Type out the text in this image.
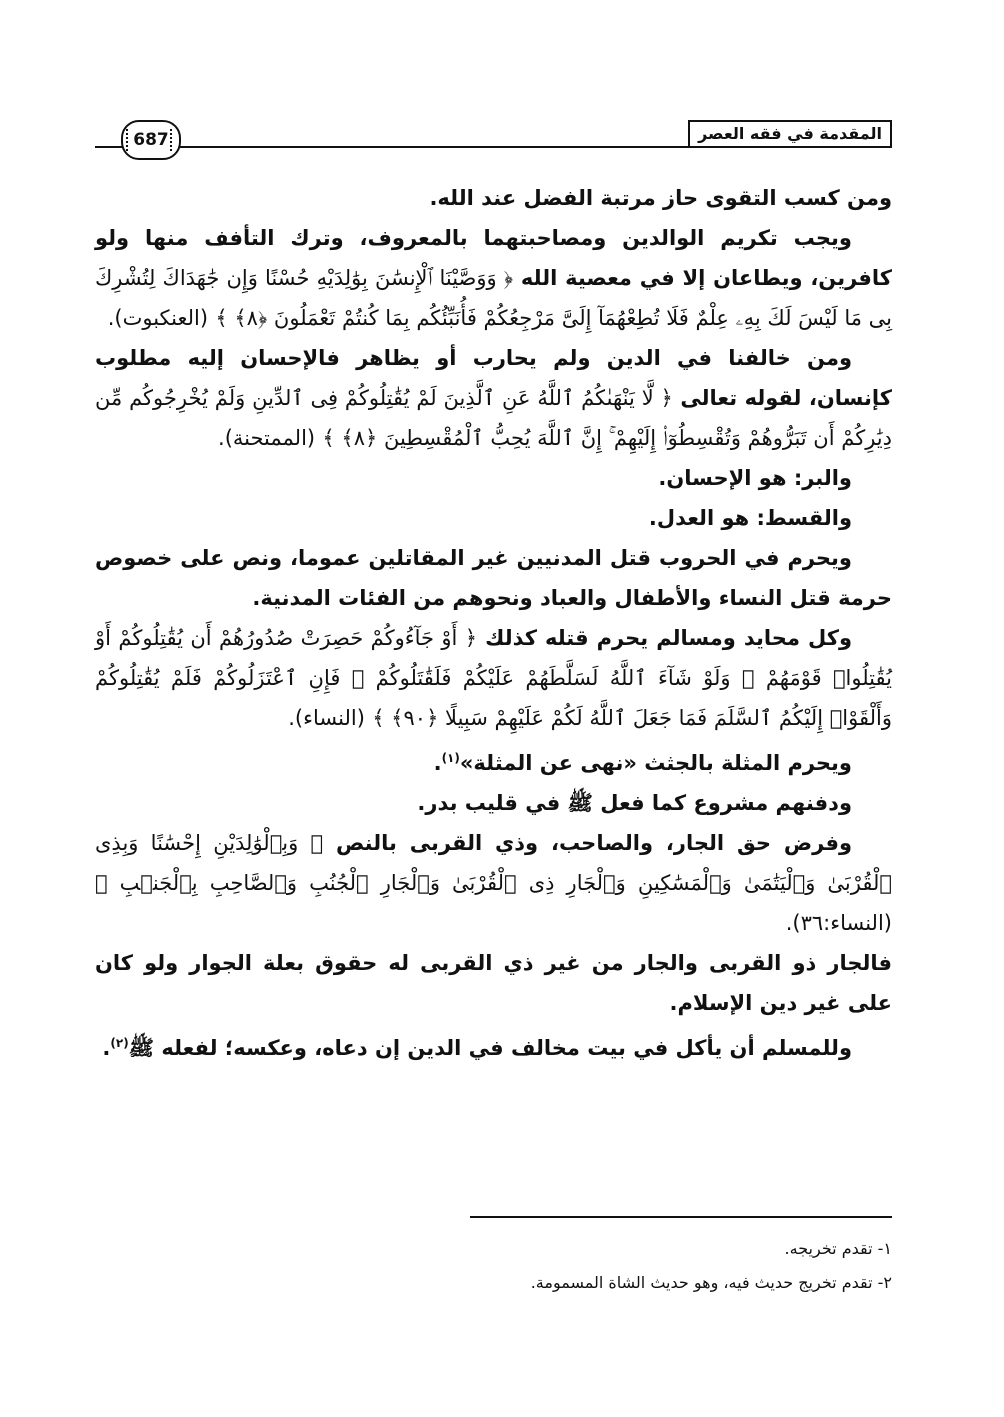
المقدمة في فقه العصر
687

ومن كسب التقوى حاز مرتبة الفضل عند الله.

ويجب تكريم الوالدين ومصاحبتهما بالمعروف، وترك التأفف منها ولو كافرين، ويطاعان إلا في معصية الله ﴿ وَوَصَّيْنَا ٱلْإِنسَٰنَ بِوَٰلِدَيْهِ حُسْنًا وَإِن جَٰهَدَاكَ لِتُشْرِكَ بِى مَا لَيْسَ لَكَ بِهِۦ عِلْمٌ فَلَا تُطِعْهُمَآ إِلَىَّ مَرْجِعُكُمْ فَأُنَبِّئُكُم بِمَا كُنتُمْ تَعْمَلُونَ ﴿٨﴾ ﴾ (العنكبوت).

ومن خالفنا في الدين ولم يحارب أو يظاهر فالإحسان إليه مطلوب كإنسان، لقوله تعالى ﴿ لَّا يَنْهَىٰكُمُ ٱللَّهُ عَنِ ٱلَّذِينَ لَمْ يُقَٰتِلُوكُمْ فِى ٱلدِّينِ وَلَمْ يُخْرِجُوكُم مِّن دِيَٰرِكُمْ أَن تَبَرُّوهُمْ وَتُقْسِطُوٓا۟ إِلَيْهِمْ ۚ إِنَّ ٱللَّهَ يُحِبُّ ٱلْمُقْسِطِينَ ﴿٨﴾ ﴾ (الممتحنة).

والبر: هو الإحسان.

والقسط: هو العدل.

ويحرم في الحروب قتل المدنيين غير المقاتلين عموما، ونص على خصوص حرمة قتل النساء والأطفال والعباد ونحوهم من الفئات المدنية.

وكل محايد ومسالم يحرم قتله كذلك ﴿ أَوْ جَآءُوكُمْ حَصِرَتْ صُدُورُهُمْ أَن يُقَٰتِلُوكُمْ أَوْ يُقَٰتِلُوا۟ قَوْمَهُمْ ۚ وَلَوْ شَآءَ ٱللَّهُ لَسَلَّطَهُمْ عَلَيْكُمْ فَلَقَٰتَلُوكُمْ ۚ فَإِنِ ٱعْتَزَلُوكُمْ فَلَمْ يُقَٰتِلُوكُمْ وَأَلْقَوْا۟ إِلَيْكُمُ ٱلسَّلَمَ فَمَا جَعَلَ ٱللَّهُ لَكُمْ عَلَيْهِمْ سَبِيلًا ﴿٩٠﴾ ﴾ (النساء).

ويحرم المثلة بالجثث «نهى عن المثلة»$^{(١)}$.

ودفنهم مشروع كما فعل ﷺ في قليب بدر.

وفرض حق الجار، والصاحب، وذي القربى بالنص ﴿ وَبِٱلْوَٰلِدَيْنِ إِحْسَٰنًا وَبِذِى ٱلْقُرْبَىٰ وَٱلْيَتَٰمَىٰ وَٱلْمَسَٰكِينِ وَٱلْجَارِ ذِى ٱلْقُرْبَىٰ وَٱلْجَارِ ٱلْجُنُبِ وَٱلصَّاحِبِ بِٱلْجَنۢبِ ﴾ (النساء:٣٦).

فالجار ذو القربى والجار من غير ذي القربى له حقوق بعلة الجوار ولو كان على غير دين الإسلام.

وللمسلم أن يأكل في بيت مخالف في الدين إن دعاه، وعكسه؛ لفعله ﷺ$^{(٢)}$.

١- تقدم تخريجه.

٢- تقدم تخريج حديث فيه، وهو حديث الشاة المسمومة.
